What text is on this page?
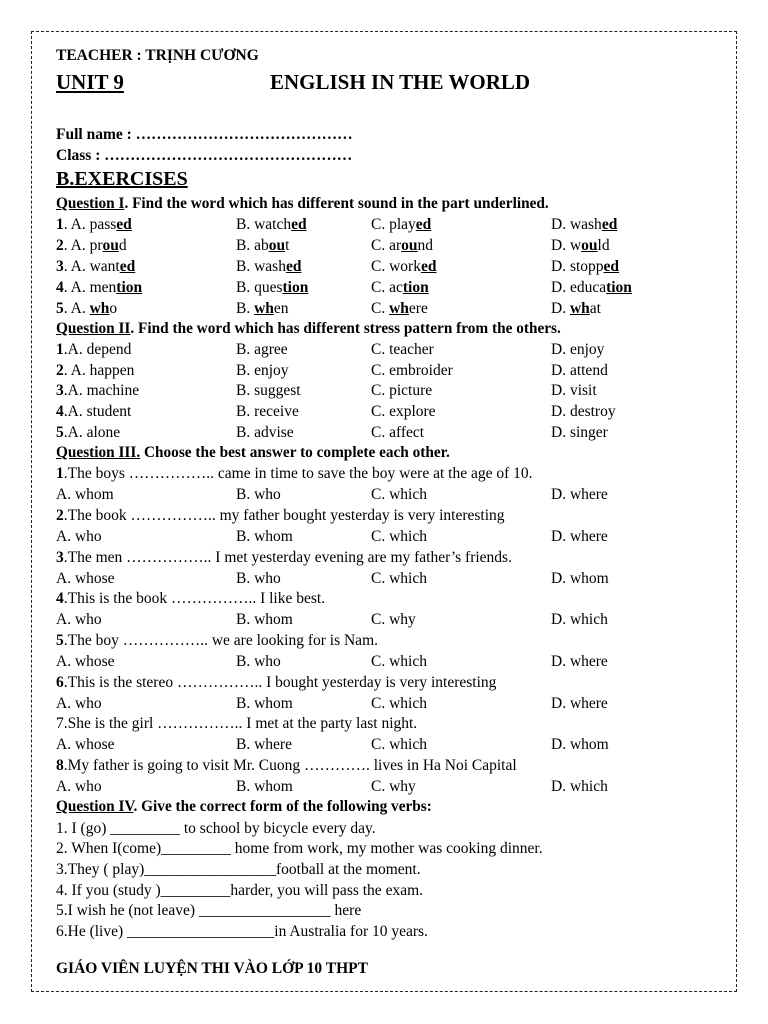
TEACHER : TRỊNH CƯƠNG
UNIT 9	ENGLISH IN THE WORLD
Full name : ……………………………………
Class : …………………………………………
B.EXERCISES
Question I. Find the word which has different sound in the part underlined.
1. A. passed	B. watched	C. played	D. washed
2. A. proud	B. about	C. around	D. would
3. A. wanted	B. washed	C. worked	D. stopped
4. A. mention	B. question	C. action	D. education
5. A. who	B. when	C. where	D. what
Question II. Find the word which has different stress pattern from the others.
1.A. depend	B. agree	C. teacher	D. enjoy
2. A. happen	B. enjoy	C. embroider	D. attend
3.A. machine	B. suggest	C. picture	D. visit
4.A. student	B. receive	C. explore	D. destroy
5.A. alone	B. advise	C. affect	D. singer
Question III. Choose the best answer to complete each other.
1.The boys …………….. came in time to save the boy were at the age of 10.
A. whom	B. who	C. which	D. where
2.The book …………….. my father bought yesterday is very interesting
A. who	B. whom	C. which	D. where
3.The men …………….. I met yesterday evening are my father’s friends.
A. whose	B. who	C. which	D. whom
4.This is the book …………….. I like best.
A. who	B. whom	C. why	D. which
5.The boy …………….. we are looking for is Nam.
A. whose	B. who	C. which	D. where
6.This is the stereo …………….. I bought yesterday is very interesting
A. who	B. whom	C. which	D. where
7.She is the girl …………….. I met at the party last night.
A. whose	B. where	C. which	D. whom
8.My father is going to visit Mr. Cuong …………. lives in Ha Noi Capital
A. who	B. whom	C. why	D. which
Question IV. Give the correct form of the following verbs:
1. I (go) _________ to school by bicycle every day.
2. When I(come)_________ home from work, my mother was cooking dinner.
3.They ( play)_________________football at the moment.
4. If you (study )_________harder, you will pass the exam.
5.I wish he (not leave) _________________ here
6.He (live) ___________________in Australia for 10 years.
GIÁO VIÊN LUYỆN THI VÀO LỚP 10 THPT
